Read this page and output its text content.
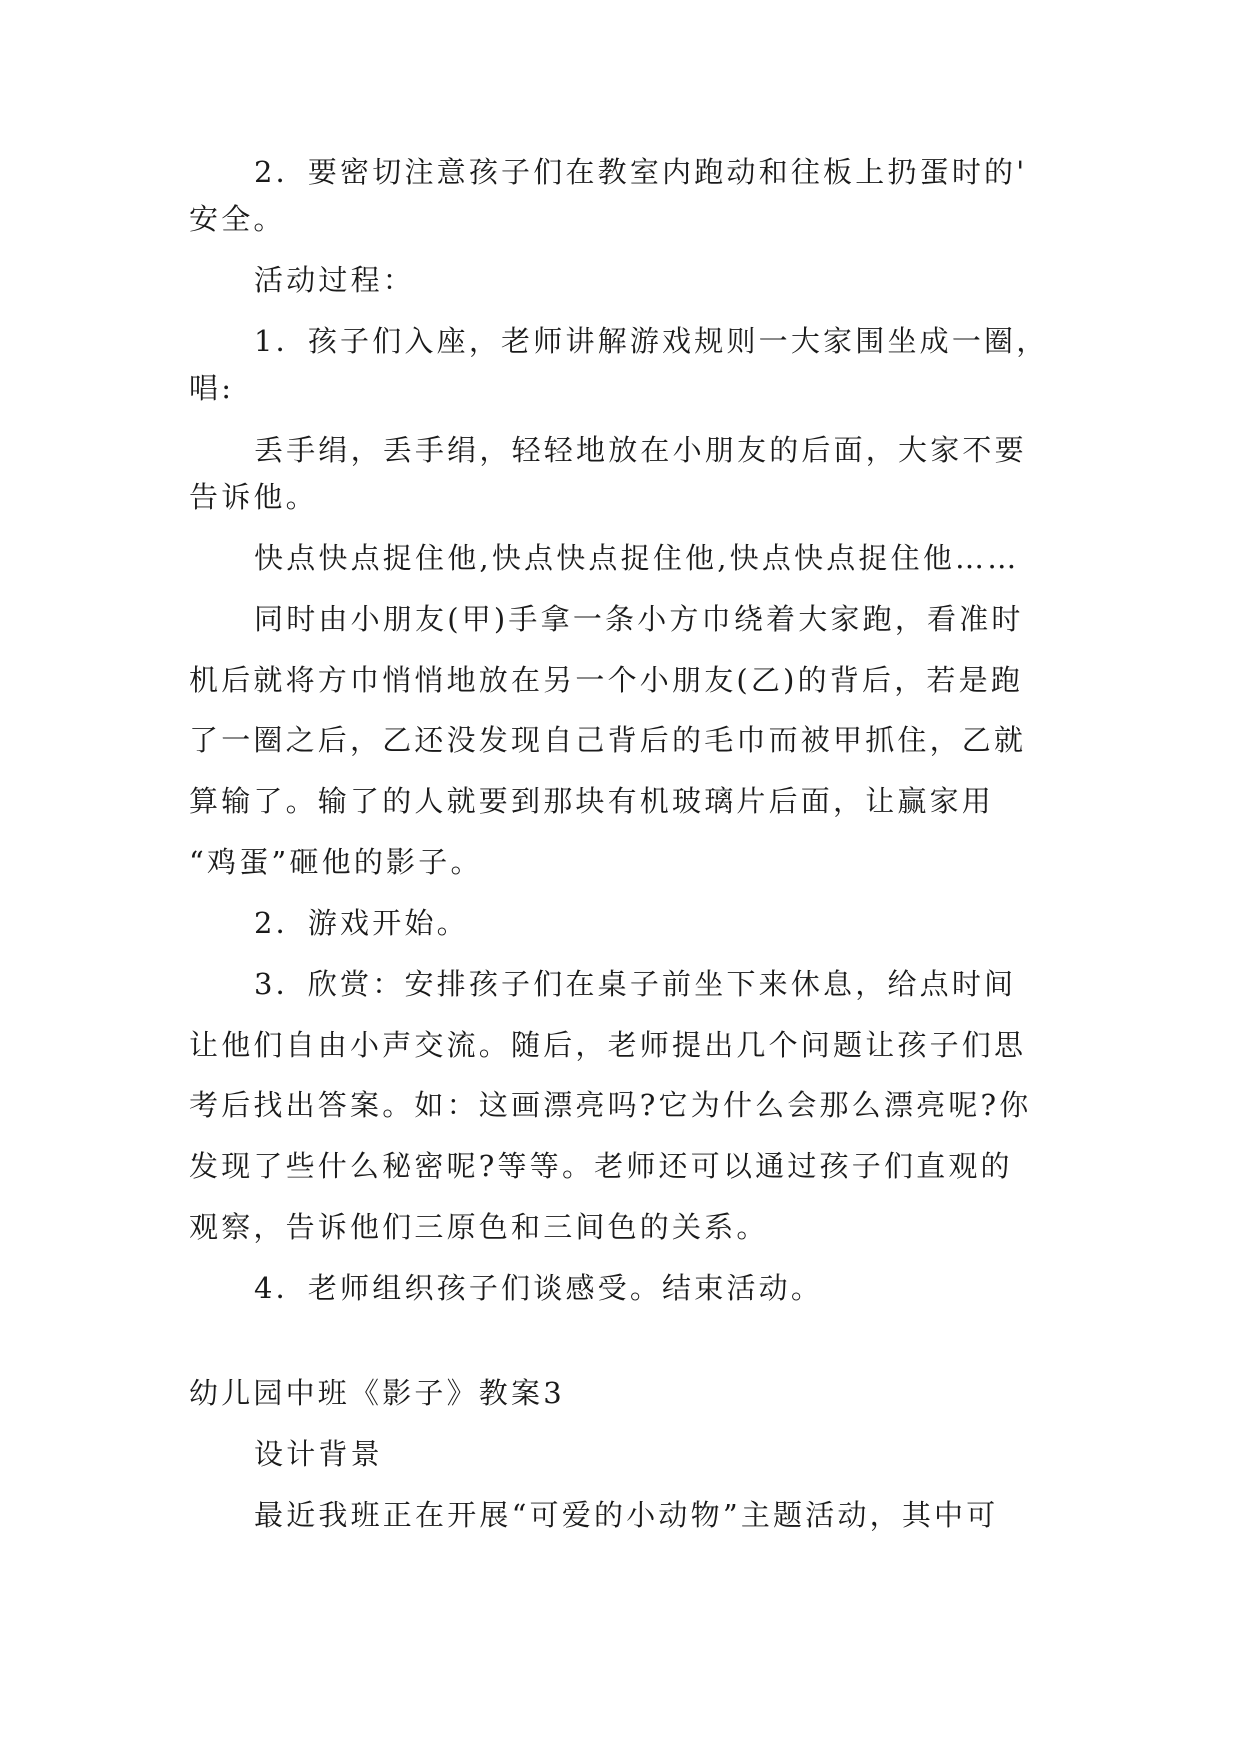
2．要密切注意孩子们在教室内跑动和往板上扔蛋时的'
安全。
活动过程：
1．孩子们入座，老师讲解游戏规则一大家围坐成一圈，
唱:
丢手绢，丢手绢，轻轻地放在小朋友的后面，大家不要
告诉他。
快点快点捉住他,快点快点捉住他,快点快点捉住他……
同时由小朋友(甲)手拿一条小方巾绕着大家跑，看准时
机后就将方巾悄悄地放在另一个小朋友(乙)的背后，若是跑
了一圈之后，乙还没发现自己背后的毛巾而被甲抓住，乙就
算输了。输了的人就要到那块有机玻璃片后面，让赢家用
“鸡蛋”砸他的影子。
2．游戏开始。
3．欣赏：安排孩子们在桌子前坐下来休息，给点时间
让他们自由小声交流。随后，老师提出几个问题让孩子们思
考后找出答案。如：这画漂亮吗?它为什么会那么漂亮呢?你
发现了些什么秘密呢?等等。老师还可以通过孩子们直观的
观察，告诉他们三原色和三间色的关系。
4．老师组织孩子们谈感受。结束活动。
幼儿园中班《影子》教案3
设计背景
最近我班正在开展“可爱的小动物”主题活动，其中可
